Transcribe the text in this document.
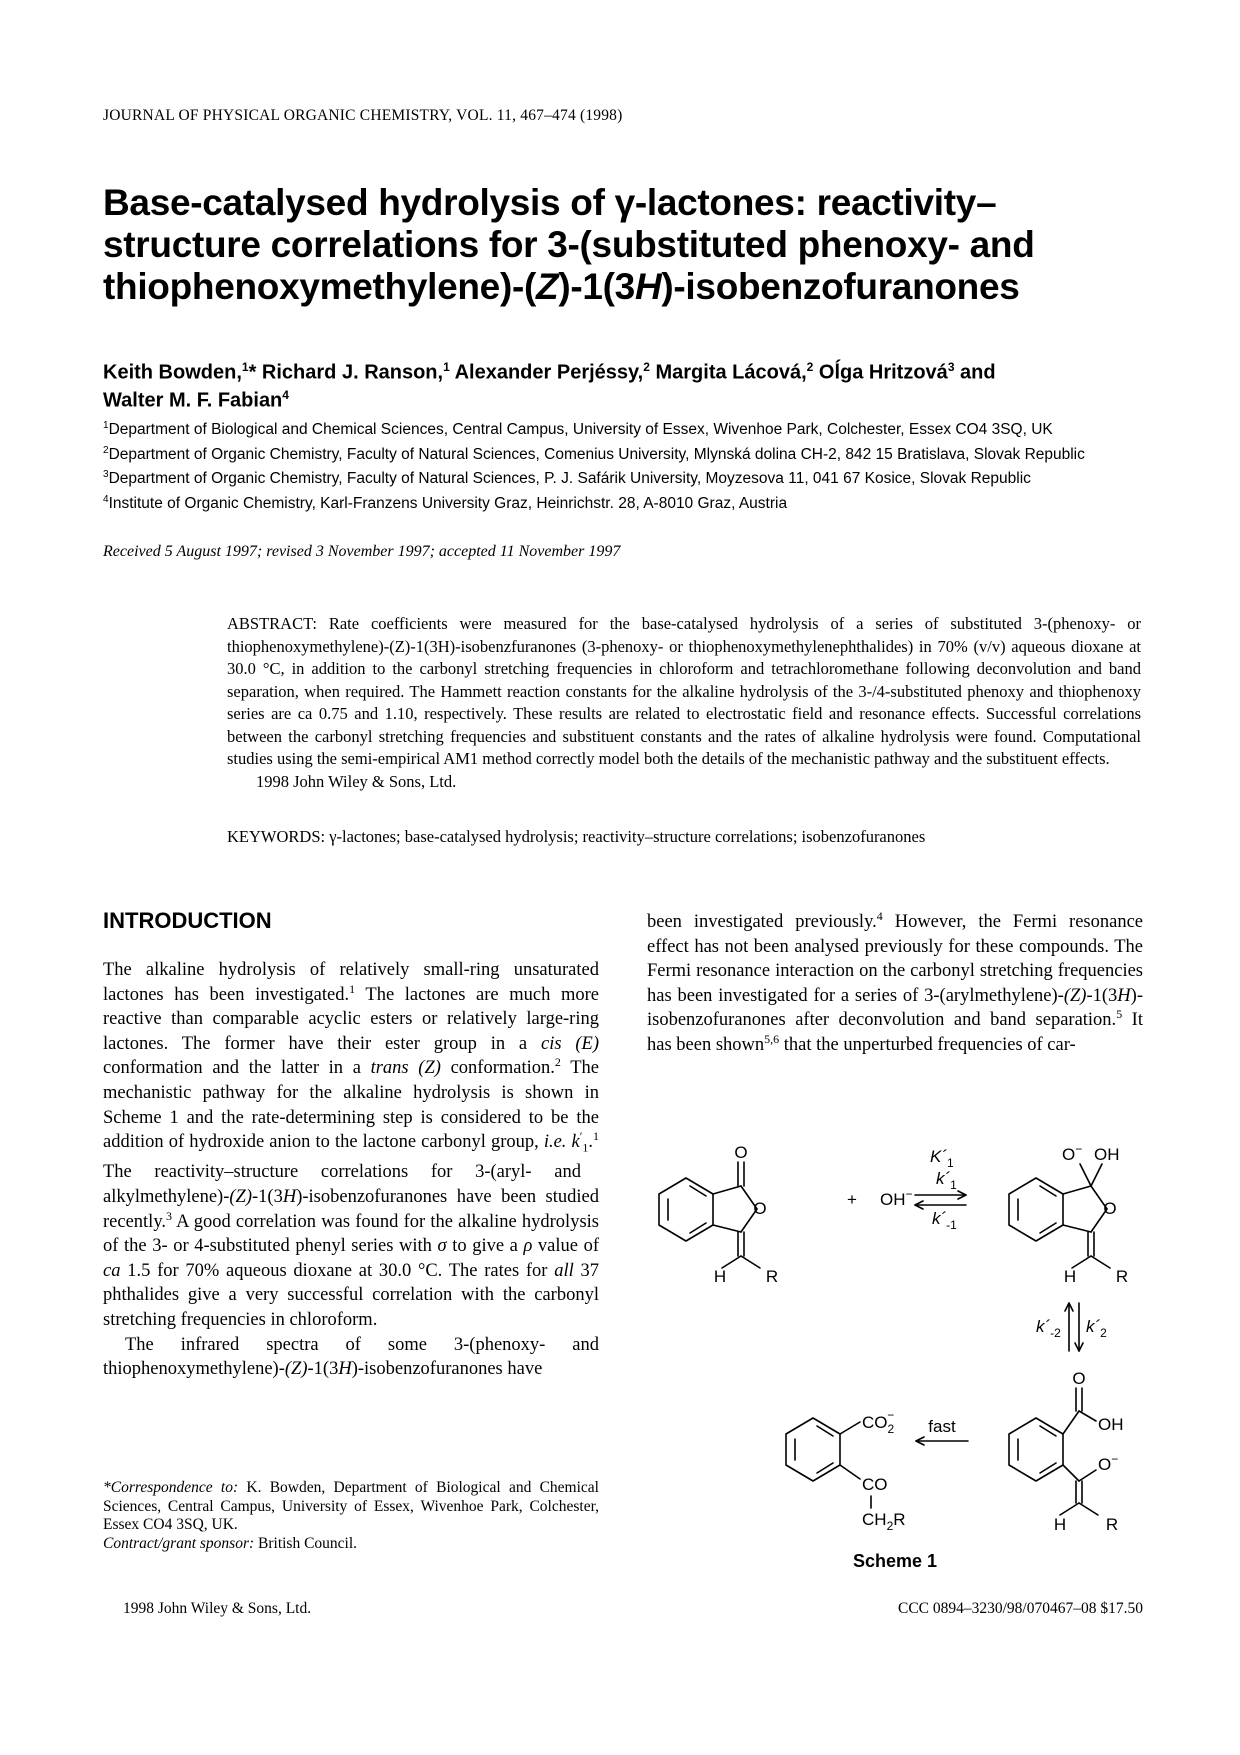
JOURNAL OF PHYSICAL ORGANIC CHEMISTRY, VOL. 11, 467–474 (1998)
Base-catalysed hydrolysis of γ-lactones: reactivity–
structure correlations for 3-(substituted phenoxy- and
thiophenoxymethylene)-(Z)-1(3H)-isobenzofuranones
Keith Bowden,$^1$* Richard J. Ranson,$^1$ Alexander Perjéssy,$^2$ Margita Lácová,$^2$ Oĺga Hritzová$^3$ and
Walter M. F. Fabian$^4$
$^1$Department of Biological and Chemical Sciences, Central Campus, University of Essex, Wivenhoe Park, Colchester, Essex CO4 3SQ, UK
$^2$Department of Organic Chemistry, Faculty of Natural Sciences, Comenius University, Mlynská dolina CH-2, 842 15 Bratislava, Slovak Republic
$^3$Department of Organic Chemistry, Faculty of Natural Sciences, P. J. Safárik University, Moyzesova 11, 041 67 Kosice, Slovak Republic
$^4$Institute of Organic Chemistry, Karl-Franzens University Graz, Heinrichstr. 28, A-8010 Graz, Austria
Received 5 August 1997; revised 3 November 1997; accepted 11 November 1997
ABSTRACT: Rate coefficients were measured for the base-catalysed hydrolysis of a series of substituted 3-(phenoxy- or thiophenoxymethylene)-(Z)-1(3H)-isobenzfuranones (3-phenoxy- or thiophenoxymethylenephthalides) in 70% (v/v) aqueous dioxane at 30.0 °C, in addition to the carbonyl stretching frequencies in chloroform and tetrachloromethane following deconvolution and band separation, when required. The Hammett reaction constants for the alkaline hydrolysis of the 3-/4-substituted phenoxy and thiophenoxy series are ca 0.75 and 1.10, respectively. These results are related to electrostatic field and resonance effects. Successful correlations between the carbonyl stretching frequencies and substituent constants and the rates of alkaline hydrolysis were found. Computational studies using the semi-empirical AM1 method correctly model both the details of the mechanistic pathway and the substituent effects.
1998 John Wiley & Sons, Ltd.
KEYWORDS: γ-lactones; base-catalysed hydrolysis; reactivity–structure correlations; isobenzofuranones
INTRODUCTION

The alkaline hydrolysis of relatively small-ring unsaturated lactones has been investigated.$^1$ The lactones are much more reactive than comparable acyclic esters or relatively large-ring lactones. The former have their ester group in a cis (E) conformation and the latter in a trans (Z) conformation.$^2$ The mechanistic pathway for the alkaline hydrolysis is shown in Scheme 1 and the rate-determining step is considered to be the addition of hydroxide anion to the lactone carbonyl group, i.e. $k'_1.^1$ The reactivity–structure correlations for 3-(aryl- and alkylmethylene)-(Z)-1(3H)-isobenzofuranones have been studied recently.$^3$ A good correlation was found for the alkaline hydrolysis of the 3- or 4-substituted phenyl series with σ to give a ρ value of ca 1.5 for 70% aqueous dioxane at 30.0 °C. The rates for all 37 phthalides give a very successful correlation with the carbonyl stretching frequencies in chloroform.

The infrared spectra of some 3-(phenoxy- and thiophenoxymethylene)-(Z)-1(3H)-isobenzofuranones have

been investigated previously.$^4$ However, the Fermi resonance effect has not been analysed previously for these compounds. The Fermi resonance interaction on the carbonyl stretching frequencies has been investigated for a series of 3-(arylmethylene)-(Z)-1(3H)-isobenzofuranones after deconvolution and band separation.$^5$ It has been shown$^{5,6}$ that the unperturbed frequencies of car-

O
O
H R
+ OH−
$K´_1$
$k´_1$
$k´_{-1}$
O− OH
O
H R
$k´_{-2}$ $k´_2$
O
OH
O−
H R
fast
$CO_2-$
CO
$CH_2R$
Scheme 1
*Correspondence to: K. Bowden, Department of Biological and Chemical Sciences, Central Campus, University of Essex, Wivenhoe Park, Colchester, Essex CO4 3SQ, UK.
Contract/grant sponsor: British Council.
1998 John Wiley & Sons, Ltd.	CCC 0894–3230/98/070467–08 $17.50
